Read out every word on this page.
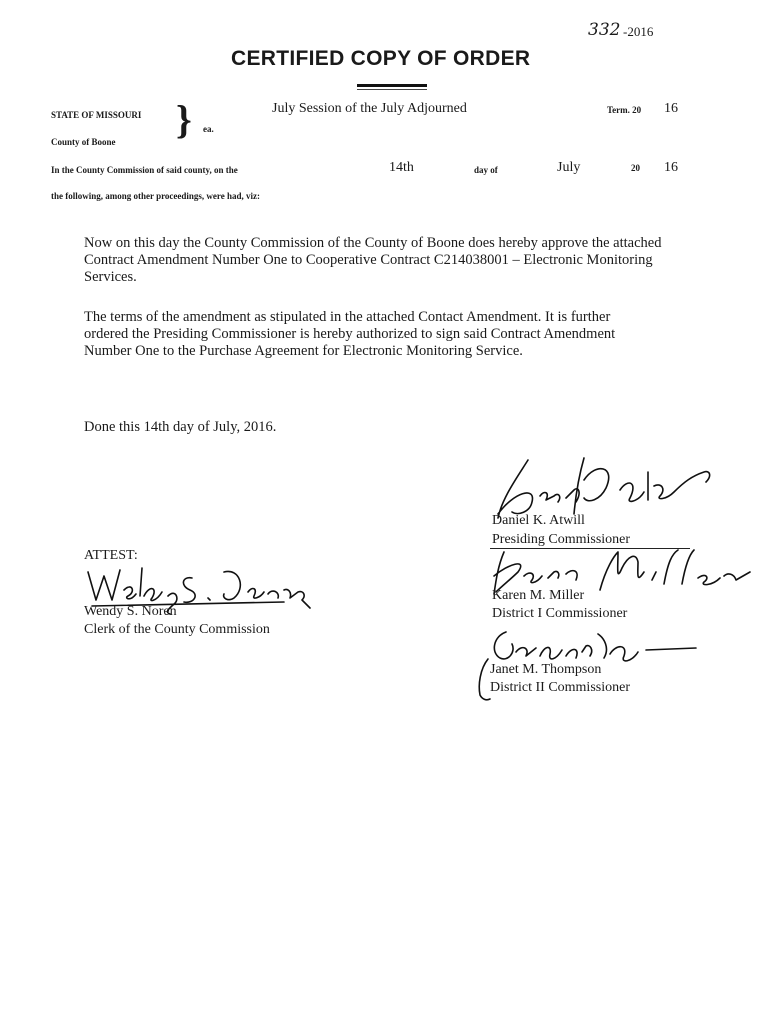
332 -2016
CERTIFIED COPY OF ORDER
STATE OF MISSOURI
County of Boone } ea.
July Session of the July Adjourned	Term. 20 16
In the County Commission of said county, on the	14th	day of	July	20 16
the following, among other proceedings, were had, viz:
Now on this day the County Commission of the County of Boone does hereby approve the attached Contract Amendment Number One to Cooperative Contract C214038001 – Electronic Monitoring Services.
The terms of the amendment as stipulated in the attached Contact Amendment. It is further ordered the Presiding Commissioner is hereby authorized to sign said Contract Amendment Number One to the Purchase Agreement for Electronic Monitoring Service.
Done this 14th day of July, 2016.
ATTEST:
Wendy S. Noren
Clerk of the County Commission
Daniel K. Atwill
Presiding Commissioner
Karen M. Miller
District I Commissioner
Janet M. Thompson
District II Commissioner
